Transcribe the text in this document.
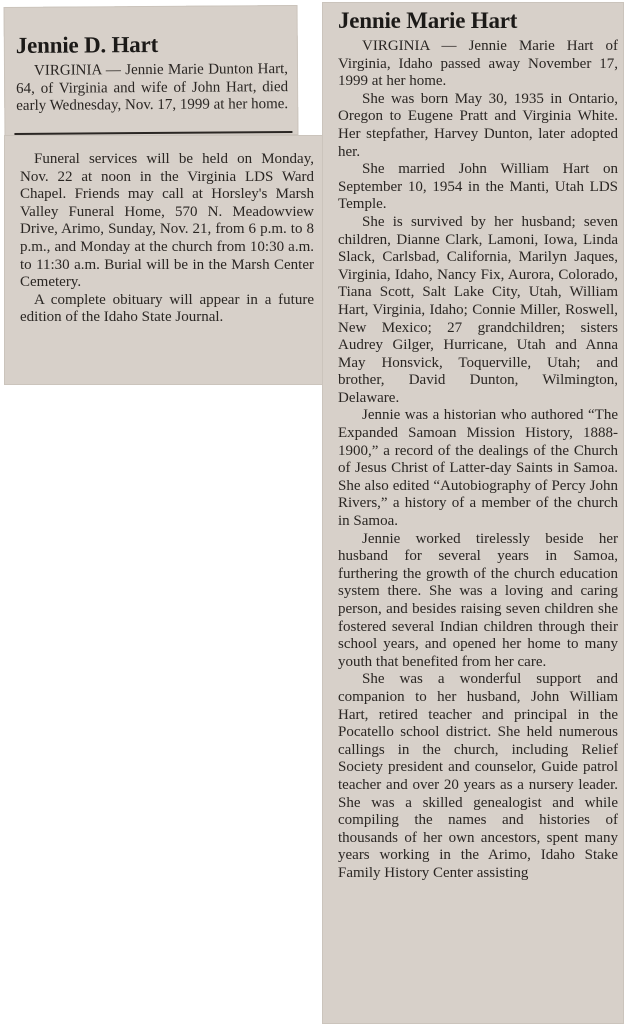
Jennie D. Hart

VIRGINIA — Jennie Marie Dunton Hart, 64, of Virginia and wife of John Hart, died early Wednesday, Nov. 17, 1999 at her home.

Funeral services will be held on Monday, Nov. 22 at noon in the Virginia LDS Ward Chapel. Friends may call at Horsley's Marsh Valley Funeral Home, 570 N. Meadowview Drive, Arimo, Sunday, Nov. 21, from 6 p.m. to 8 p.m., and Monday at the church from 10:30 a.m. to 11:30 a.m. Burial will be in the Marsh Center Cemetery.

A complete obituary will appear in a future edition of the Idaho State Journal.

Jennie Marie Hart

VIRGINIA — Jennie Marie Hart of Virginia, Idaho passed away November 17, 1999 at her home.

She was born May 30, 1935 in Ontario, Oregon to Eugene Pratt and Virginia White. Her stepfather, Harvey Dunton, later adopted her.

She married John William Hart on September 10, 1954 in the Manti, Utah LDS Temple.

She is survived by her husband; seven children, Dianne Clark, Lamoni, Iowa, Linda Slack, Carlsbad, California, Marilyn Jaques, Virginia, Idaho, Nancy Fix, Aurora, Colorado, Tiana Scott, Salt Lake City, Utah, William Hart, Virginia, Idaho; Connie Miller, Roswell, New Mexico; 27 grandchildren; sisters Audrey Gilger, Hurricane, Utah and Anna May Honsvick, Toquerville, Utah; and brother, David Dunton, Wilmington, Delaware.

Jennie was a historian who authored “The Expanded Samoan Mission History, 1888-1900,” a record of the dealings of the Church of Jesus Christ of Latter-day Saints in Samoa. She also edited “Autobiography of Percy John Rivers,” a history of a member of the church in Samoa.

Jennie worked tirelessly beside her husband for several years in Samoa, furthering the growth of the church education system there. She was a loving and caring person, and besides raising seven children she fostered several Indian children through their school years, and opened her home to many youth that benefited from her care.

She was a wonderful support and companion to her husband, John William Hart, retired teacher and principal in the Pocatello school district. She held numerous callings in the church, including Relief Society president and counselor, Guide patrol teacher and over 20 years as a nursery leader. She was a skilled genealogist and while compiling the names and histories of thousands of her own ancestors, spent many years working in the Arimo, Idaho Stake Family History Center assisting
